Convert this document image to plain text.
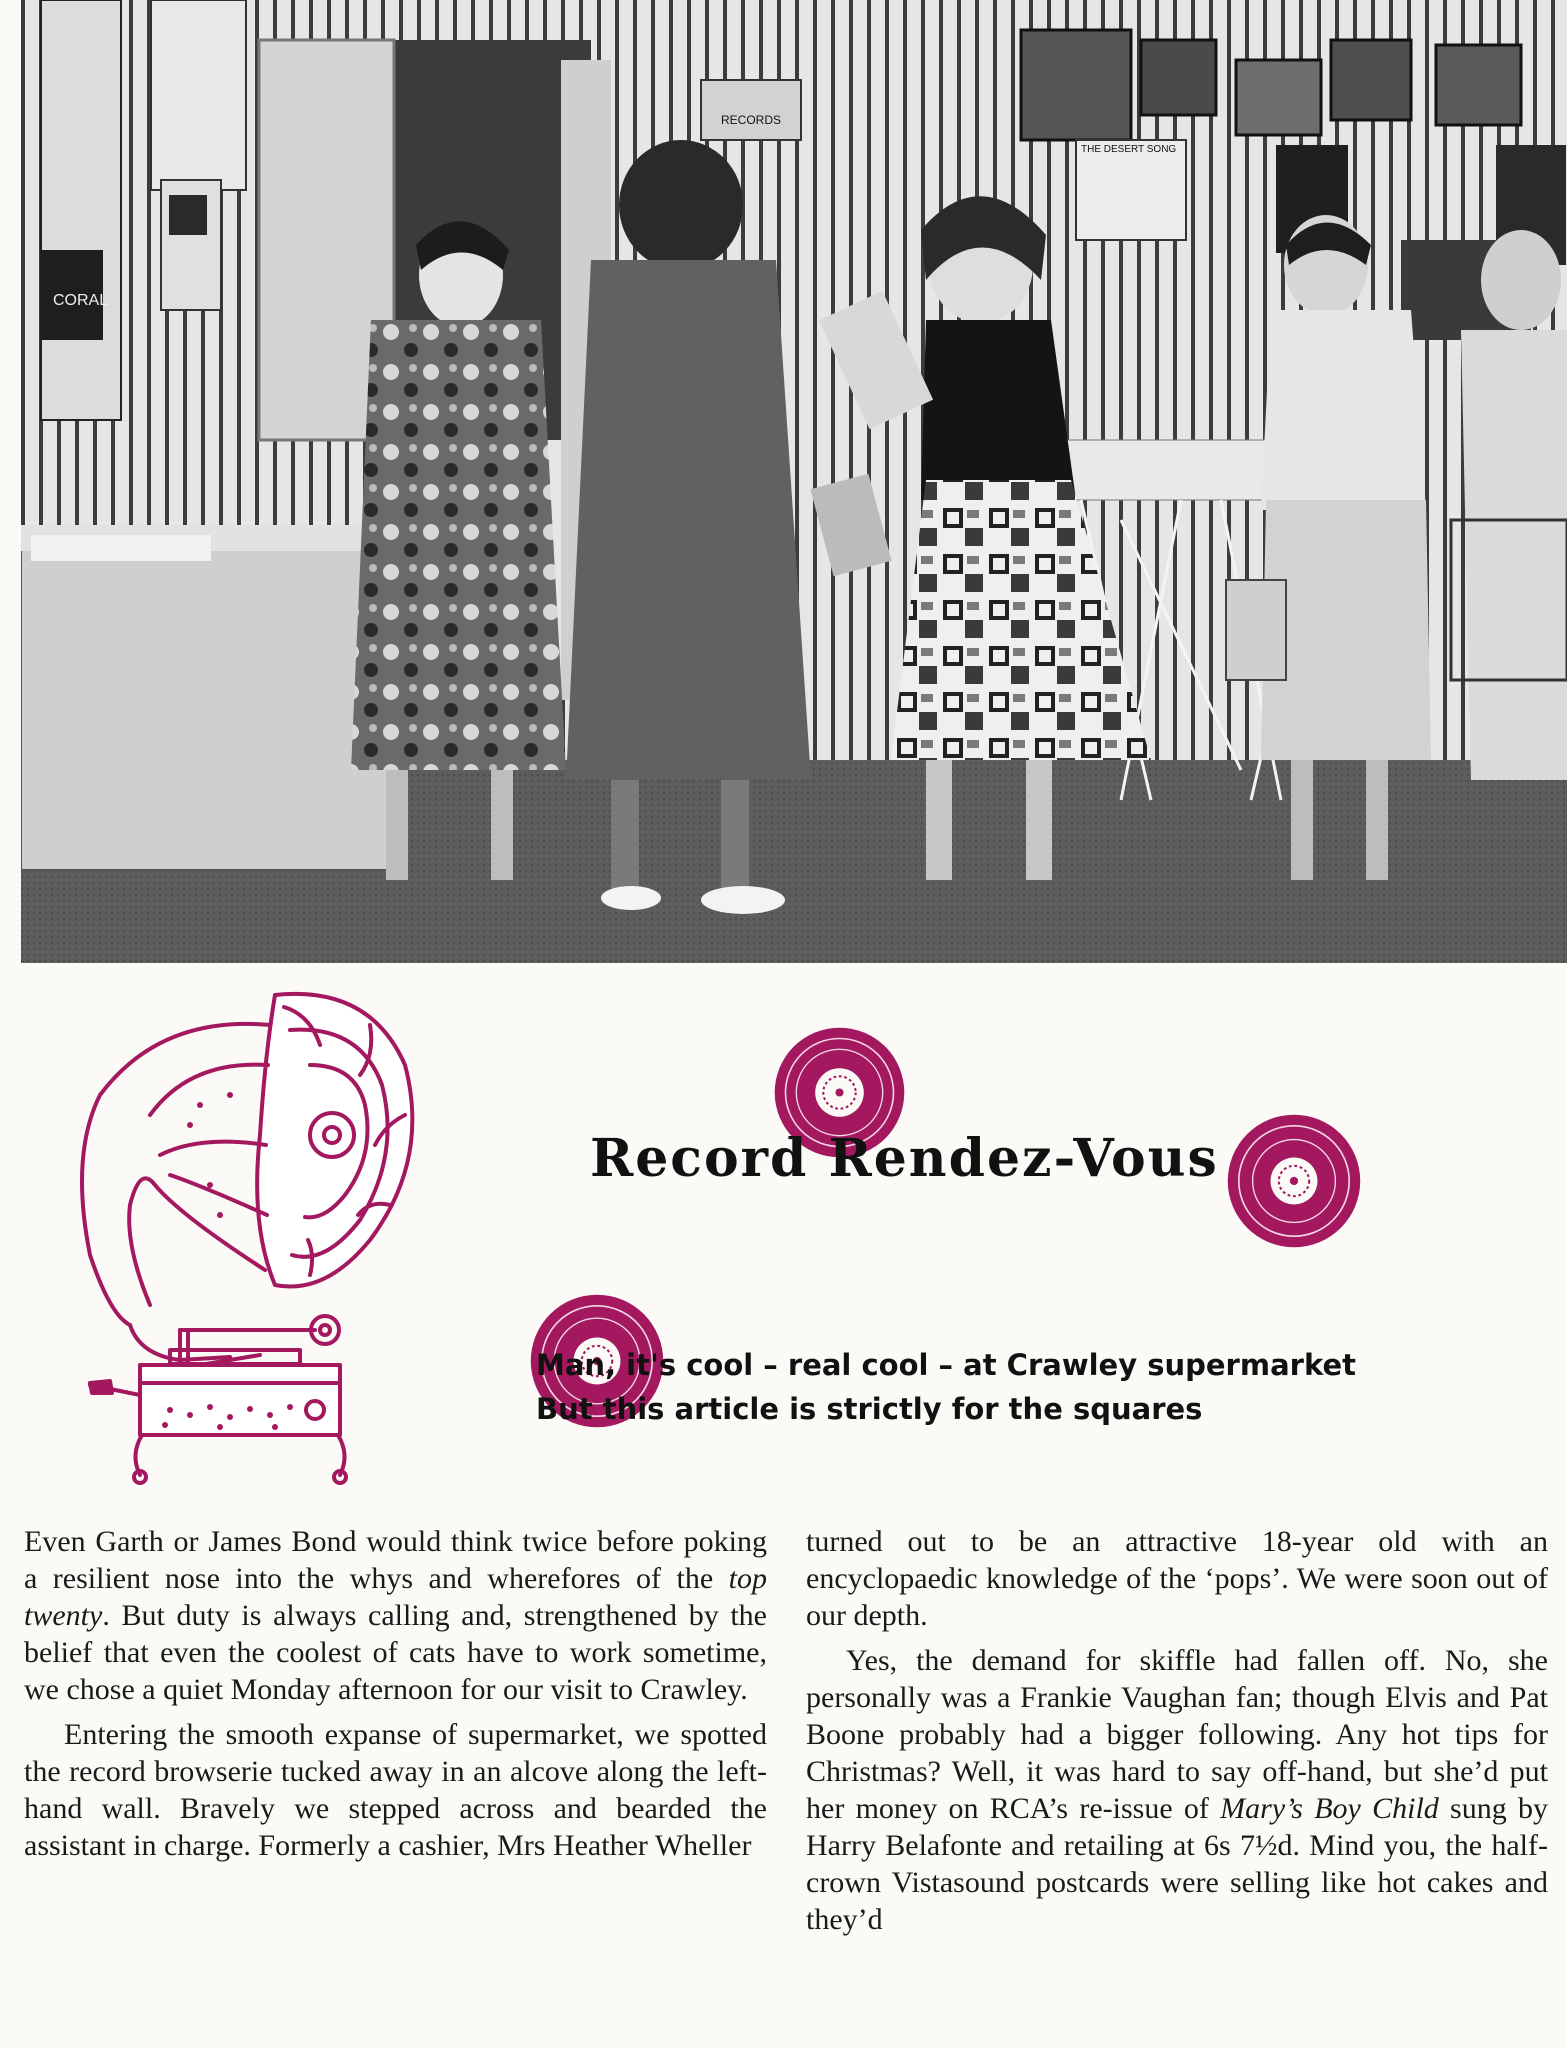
CORAL
RECORDS
THE DESERT SONG
Record Rendez-Vous
Man, it's cool – real cool – at Crawley supermarket
But this article is strictly for the squares

Even Garth or James Bond would think twice before poking a resilient nose into the whys and wherefores of the top twenty. But duty is always calling and, strengthened by the belief that even the coolest of cats have to work sometime, we chose a quiet Monday afternoon for our visit to Crawley.

Entering the smooth expanse of supermarket, we spotted the record browserie tucked away in an alcove along the left-hand wall. Bravely we stepped across and bearded the assistant in charge. Formerly a cashier, Mrs Heather Wheller

turned out to be an attractive 18-year old with an encyclopaedic knowledge of the ‘pops’. We were soon out of our depth.

Yes, the demand for skiffle had fallen off. No, she personally was a Frankie Vaughan fan; though Elvis and Pat Boone probably had a bigger following. Any hot tips for Christmas? Well, it was hard to say off-hand, but she’d put her money on RCA’s re-issue of Mary’s Boy Child sung by Harry Belafonte and retailing at 6s 7½d. Mind you, the half-crown Vistasound postcards were selling like hot cakes and they’d
